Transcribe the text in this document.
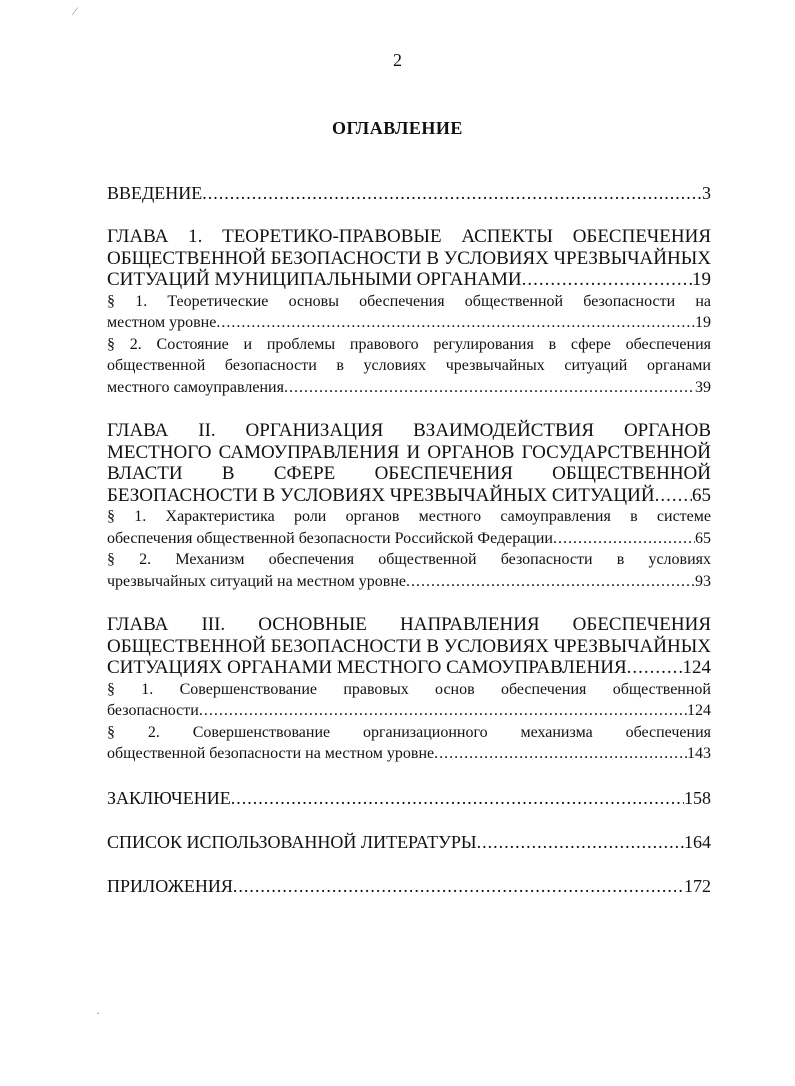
⁄
·
2
ОГЛАВЛЕНИЕ
ВВЕДЕНИЕ .....	3
ГЛАВА 1. ТЕОРЕТИКО-ПРАВОВЫЕ АСПЕКТЫ ОБЕСПЕЧЕНИЯ
ОБЩЕСТВЕННОЙ БЕЗОПАСНОСТИ В УСЛОВИЯХ ЧРЕЗВЫЧАЙНЫХ
СИТУАЦИЙ МУНИЦИПАЛЬНЫМИ ОРГАНАМИ .....	19
§ 1. Теоретические основы обеспечения общественной безопасности на
местном уровне .....	19
§ 2. Состояние и проблемы правового регулирования в сфере обеспечения
общественной безопасности в условиях чрезвычайных ситуаций органами
местного самоуправления .....	39
ГЛАВА II. ОРГАНИЗАЦИЯ ВЗАИМОДЕЙСТВИЯ ОРГАНОВ
МЕСТНОГО САМОУПРАВЛЕНИЯ И ОРГАНОВ ГОСУДАРСТВЕННОЙ
ВЛАСТИ В СФЕРЕ ОБЕСПЕЧЕНИЯ ОБЩЕСТВЕННОЙ
БЕЗОПАСНОСТИ В УСЛОВИЯХ ЧРЕЗВЫЧАЙНЫХ СИТУАЦИЙ ..... 65
§ 1. Характеристика роли органов местного самоуправления в системе
обеспечения общественной безопасности Российской Федерации .....	65
§ 2. Механизм обеспечения общественной безопасности в условиях
чрезвычайных ситуаций на местном уровне .....	93
ГЛАВА III. ОСНОВНЫЕ НАПРАВЛЕНИЯ ОБЕСПЕЧЕНИЯ
ОБЩЕСТВЕННОЙ БЕЗОПАСНОСТИ В УСЛОВИЯХ ЧРЕЗВЫЧАЙНЫХ
СИТУАЦИЯХ ОРГАНАМИ МЕСТНОГО САМОУПРАВЛЕНИЯ .....	124
§ 1. Совершенствование правовых основ обеспечения общественной
безопасности .....	124
§ 2. Совершенствование организационного механизма обеспечения
общественной безопасности на местном уровне .....	143
ЗАКЛЮЧЕНИЕ .....	158
СПИСОК ИСПОЛЬЗОВАННОЙ ЛИТЕРАТУРЫ .....	164
ПРИЛОЖЕНИЯ .....	172
